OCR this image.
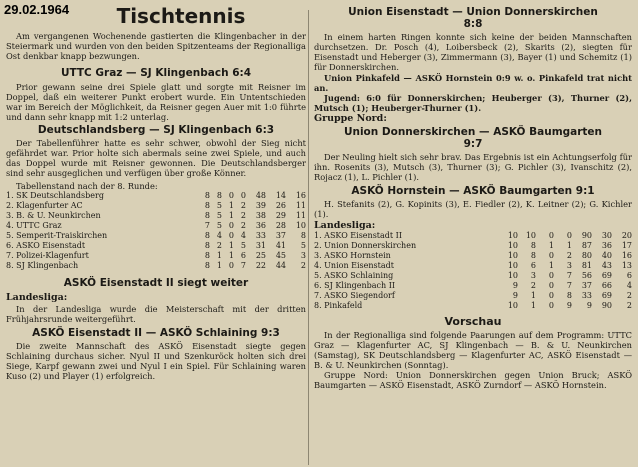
29.02.1964	Tischtennis

Am vergangenen Wochenende gastierten die Klingenbacher in der Steiermark und wurden von den beiden Spitzenteams der Regionalliga Ost denkbar knapp bezwungen.

UTTC Graz — SJ Klingenbach 6:4

Prior gewann seine drei Spiele glatt und sorgte mit Reisner im Doppel, daß ein weiterer Punkt erobert wurde. Ein Untentschieden war im Bereich der Möglichkeit, da Reisner gegen Auer mit 1:0 führte und dann sehr knapp mit 1:2 unterlag.

Deutschlandsberg — SJ Klingenbach 6:3

Der Tabellenführer hatte es sehr schwer, obwohl der Sieg nicht gefährdet war. Prior holte sich abermals seine zwei Spiele, und auch das Doppel wurde mit Reisner gewonnen. Die Deutschlandsberger sind sehr ausgeglichen und verfügen über große Könner.

Tabellenstand nach der 8. Runde:

1. SK Deutschlandsberg	8 8 0 0	48	14	16
2. Klagenfurter AC	8 5 1 2	39	26	11
3. B. & U. Neunkirchen	8 5 1 2	38	29	11
4. UTTC Graz	7 5 0 2	36	28	10
5. Semperit-Traiskirchen	8 4 0 4	33	37	8
6. ASKÖ Eisenstadt	8 2 1 5	31	41	5
7. Polizei-Klagenfurt	8 1 1 6	25	45	3
8. SJ Klingenbach	8 1 0 7	22	44	2
ASKÖ Eisenstadt II siegt weiter
Landesliga:

In der Landesliga wurde die Meisterschaft mit der dritten Frühjahrsrunde weitergeführt.

ASKÖ Eisenstadt II — ASKÖ Schlaining 9:3

Die zweite Mannschaft des ASKÖ Eisenstadt siegte gegen Schlaining durchaus sicher. Nyul II und Szenkuröck holten sich drei Siege, Karpf gewann zwei und Nyul I ein Spiel. Für Schlaining waren Kuso (2) und Player (1) erfolgreich.

Union Eisenstadt — Union Donnerskirchen
8:8

In einem harten Ringen konnte sich keine der beiden Mannschaften durchsetzen. Dr. Posch (4), Loibersbeck (2), Skarits (2), siegten für Eisenstadt und Heberger (3), Zimmermann (3), Bayer (1) und Schemitz (1) für Donnerskirchen.

Union Pinkafeld — ASKÖ Hornstein 0:9 w. o. Pinkafeld trat nicht an.

Jugend: 6:0 für Donnerskirchen; Heuberger (3), Thurner (2), Mutsch (1); Heuberger-Thurner (1).

Gruppe Nord:
Union Donnerskirchen — ASKÖ Baumgarten
9:7

Der Neuling hielt sich sehr brav. Das Ergebnis ist ein Achtungserfolg für ihn. Rosenits (3), Mutsch (3), Thurner (3); G. Pichler (3), Ivanschitz (2), Rojacz (1), L. Pichler (1).

ASKÖ Hornstein — ASKÖ Baumgarten 9:1

H. Stefanits (2), G. Kopinits (3), E. Fiedler (2), K. Leitner (2); G. Kichler (1).

Landesliga:
1. ASKÖ Eisenstadt II	10 10	0	0	90	30	20
2. Union Donnerskirchen	10	8	1	1	87	36	17
3. ASKÖ Hornstein	10	8	0	2	80	40	16
4. Union Eisenstadt	10	6	1	3	81	43	13
5. ASKÖ Schlaining	10	3	0	7	56	69	6
6. SJ Klingenbach II	9	2	0	7	37	66	4
7. ASKÖ Siegendorf	9	1	0	8	33	69	2
8. Pinkafeld	10	1	0	9	9	90	2
Vorschau

In der Regionalliga sind folgende Paarungen auf dem Programm: UTTC Graz — Klagenfurter AC, SJ Klingenbach — B. & U. Neunkirchen (Samstag), SK Deutschlandsberg — Klagenfurter AC, ASKÖ Eisenstadt — B. & U. Neunkirchen (Sonntag).

Gruppe Nord: Union Donnerskirchen gegen Union Bruck; ASKÖ Baumgarten — ASKÖ Eisenstadt, ASKÖ Zurndorf — ASKÖ Hornstein.
